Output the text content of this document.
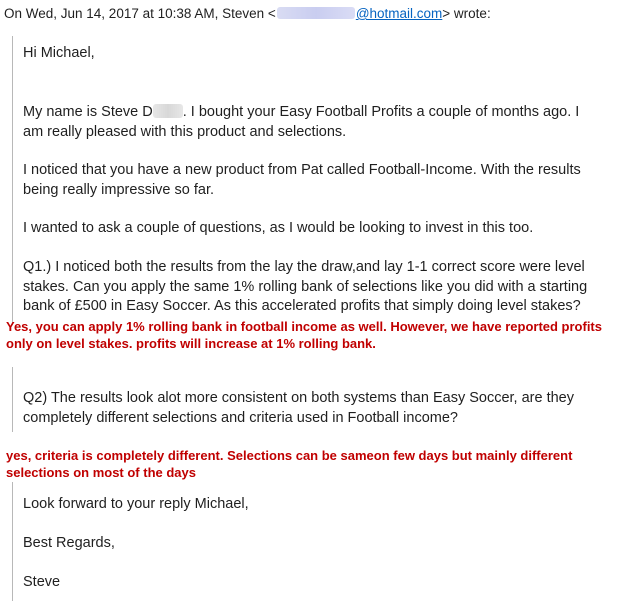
On Wed, Jun 14, 2017 at 10:38 AM, Steven <	@hotmail.com> wrote:

Hi Michael,

My name is Steve D . I bought your Easy Football Profits a couple of months ago. I am really pleased with this product and selections.

I noticed that you have a new product from Pat called Football-Income. With the results being really impressive so far.

I wanted to ask a couple of questions, as I would be looking to invest in this too.

Q1.) I noticed both the results from the lay the draw,and lay 1-1 correct score were level stakes. Can you apply the same 1% rolling bank of selections like you did with a starting bank of £500 in Easy Soccer. As this accelerated profits that simply doing level stakes?

Yes, you can apply 1% rolling bank in football income as well. However, we have reported profits only on level stakes. profits will increase at 1% rolling bank.

Q2) The results look alot more consistent on both systems than Easy Soccer, are they completely different selections and criteria used in Football income?

yes, criteria is completely different. Selections can be sameon few days but mainly different selections on most of the days

Look forward to your reply Michael,

Best Regards,

Steve
